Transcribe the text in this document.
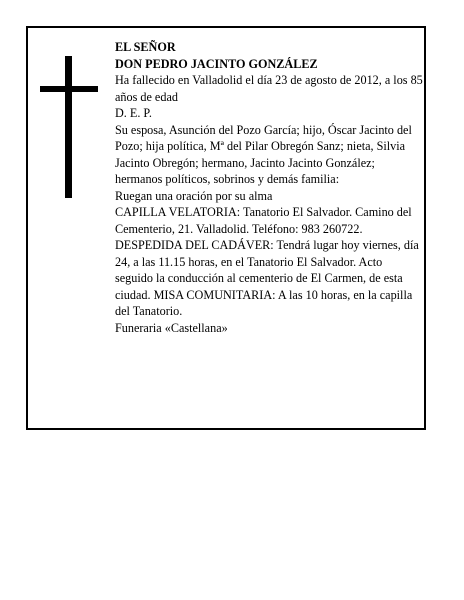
EL SEÑOR

DON PEDRO JACINTO GONZÁLEZ

Ha fallecido en Valladolid el día 23 de agosto de 2012, a los 85 años de edad

D. E. P.

Su esposa, Asunción del Pozo García; hijo, Óscar Jacinto del Pozo; hija política, Mª del Pilar Obregón Sanz; nieta, Silvia Jacinto Obregón; hermano, Jacinto Jacinto González; hermanos políticos, sobrinos y demás familia:

Ruegan una oración por su alma

CAPILLA VELATORIA: Tanatorio El Salvador. Camino del Cementerio, 21. Valladolid. Teléfono: 983 260722.

DESPEDIDA DEL CADÁVER: Tendrá lugar hoy viernes, día 24, a las 11.15 horas, en el Tanatorio El Salvador. Acto seguido la conducción al cementerio de El Carmen, de esta ciudad. MISA COMUNITARIA: A las 10 horas, en la capilla del Tanatorio.

Funeraria «Castellana»
